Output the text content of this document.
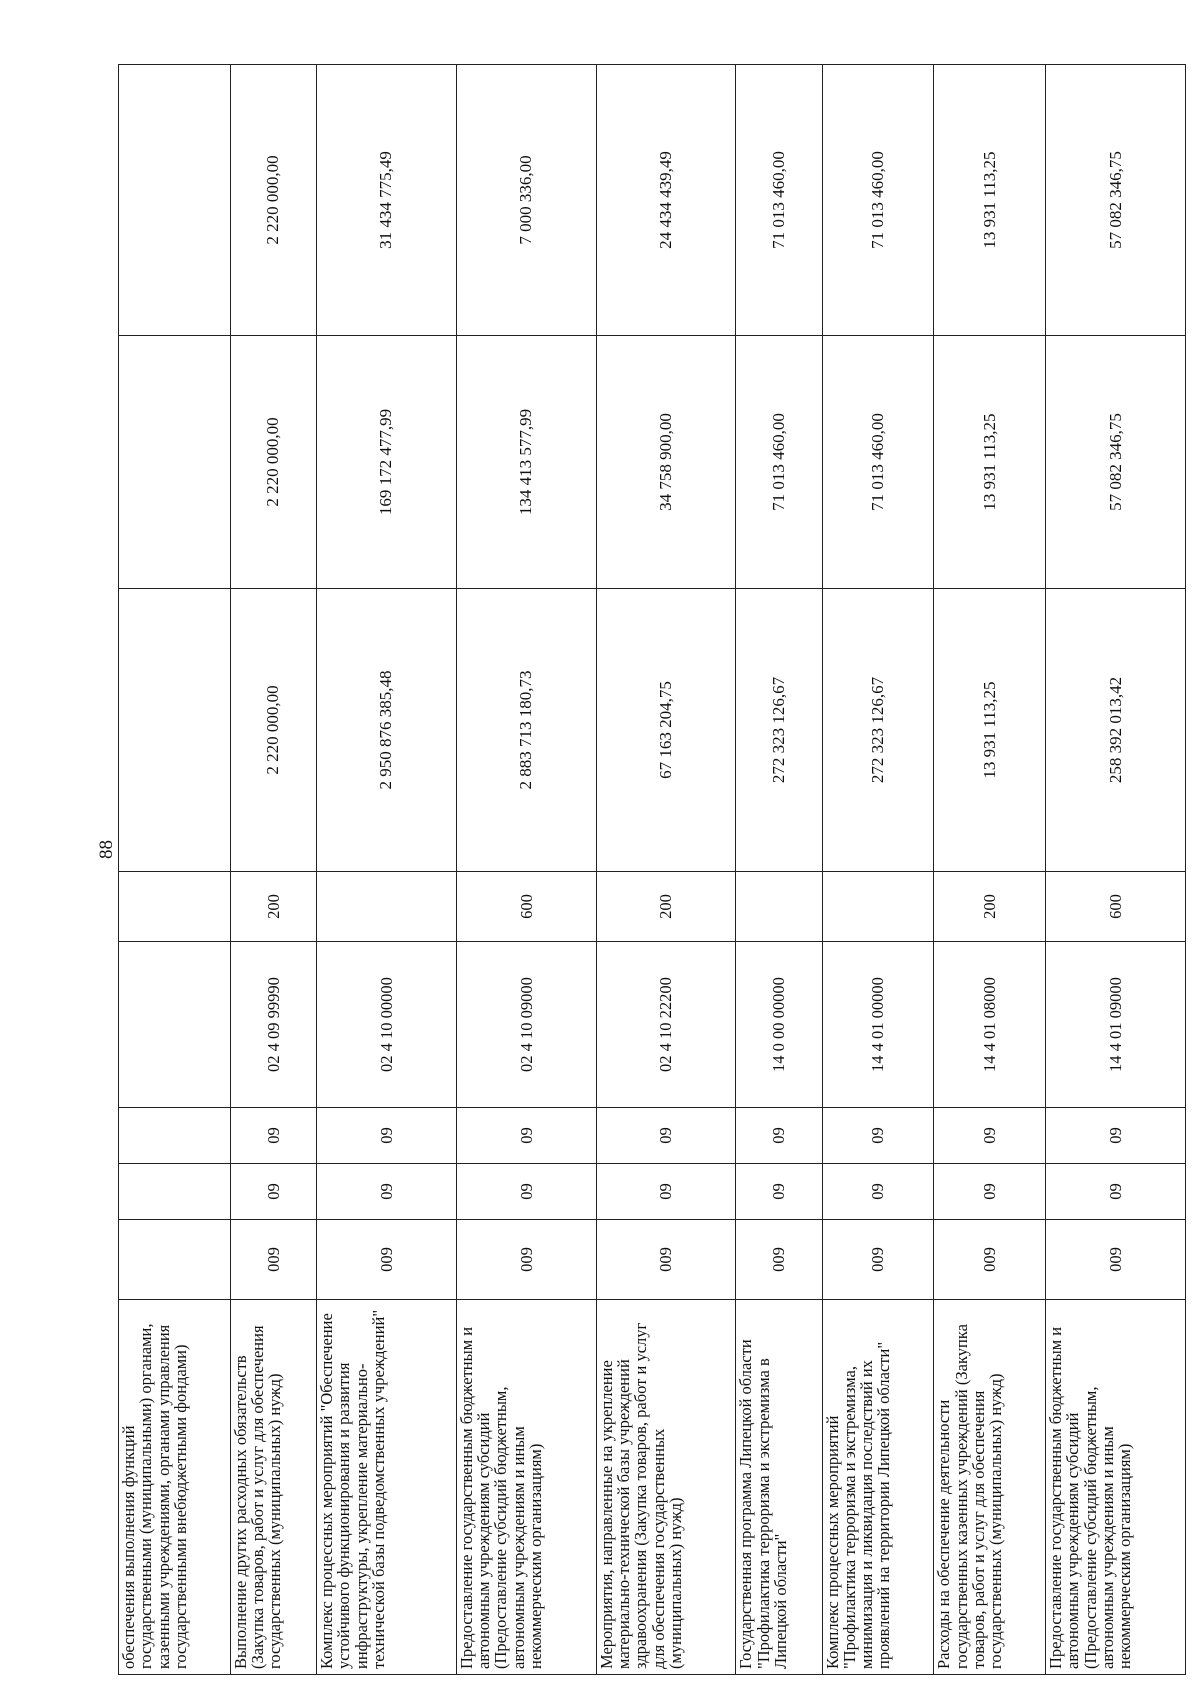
88
обеспечения выполнения функций государственными (муниципальными) органами, казенными учреждениями, органами управления государственными внебюджетными фондами)								
Выполнение других расходных обязательств (Закупка товаров, работ и услуг для обеспечения государственных (муниципальных) нужд)	009	09	09	02 4 09 99990	200	2 220 000,00	2 220 000,00	2 220 000,00
Комплекс процессных мероприятий "Обеспечение устойчивого функционирования и развития инфраструктуры, укрепление материально-технической базы подведомственных учреждений"	009	09	09	02 4 10 00000		2 950 876 385,48	169 172 477,99	31 434 775,49
Предоставление государственным бюджетным и автономным учреждениям субсидий (Предоставление субсидий бюджетным, автономным учреждениям и иным некоммерческим организациям)	009	09	09	02 4 10 09000	600	2 883 713 180,73	134 413 577,99	7 000 336,00
Мероприятия, направленные на укрепление материально-технической базы учреждений здравоохранения (Закупка товаров, работ и услуг для обеспечения государственных (муниципальных) нужд)	009	09	09	02 4 10 22200	200	67 163 204,75	34 758 900,00	24 434 439,49
Государственная программа Липецкой области "Профилактика терроризма и экстремизма в Липецкой области"	009	09	09	14 0 00 00000		272 323 126,67	71 013 460,00	71 013 460,00
Комплекс процессных мероприятий "Профилактика терроризма и экстремизма, минимизация и ликвидация последствий их проявлений на территории Липецкой области"	009	09	09	14 4 01 00000		272 323 126,67	71 013 460,00	71 013 460,00
Расходы на обеспечение деятельности государственных казенных учреждений (Закупка товаров, работ и услуг для обеспечения государственных (муниципальных) нужд)	009	09	09	14 4 01 08000	200	13 931 113,25	13 931 113,25	13 931 113,25
Предоставление государственным бюджетным и автономным учреждениям субсидий (Предоставление субсидий бюджетным, автономным учреждениям и иным некоммерческим организациям)	009	09	09	14 4 01 09000	600	258 392 013,42	57 082 346,75	57 082 346,75
